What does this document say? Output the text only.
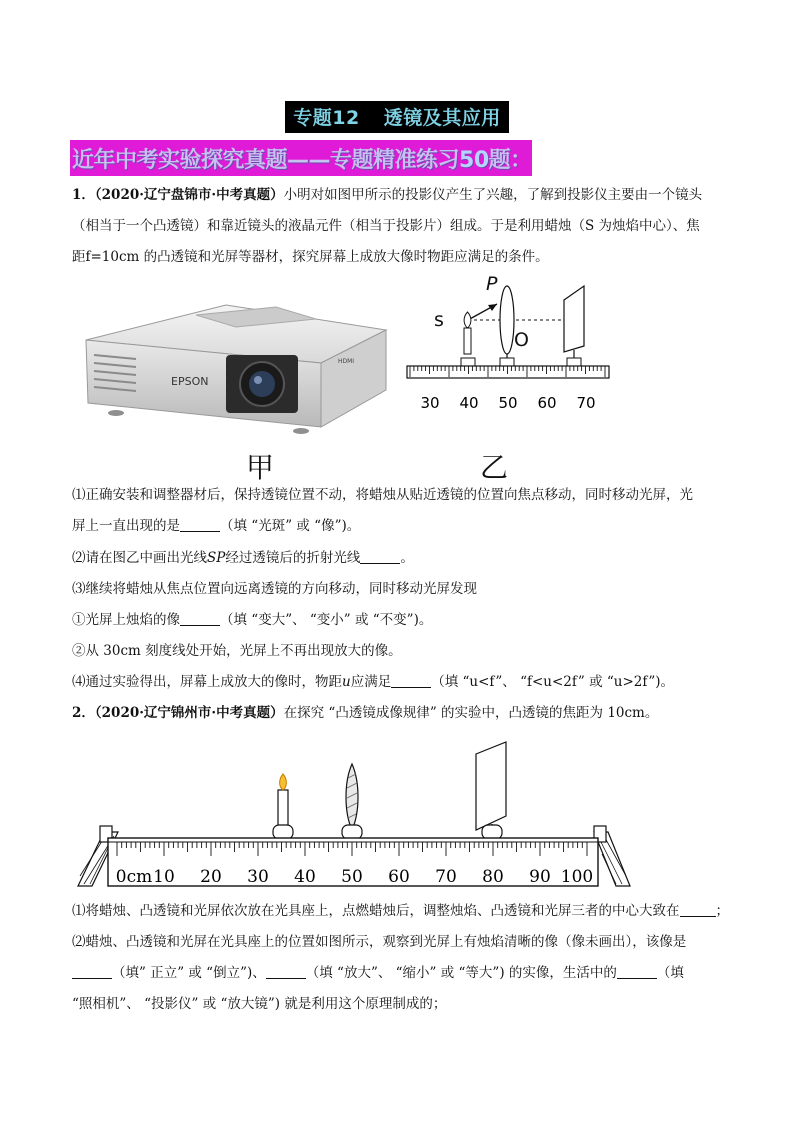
专题12 透镜及其应用
近年中考实验探究真题——专题精准练习50题：
1．（2020·辽宁盘锦市·中考真题）小明对如图甲所示的投影仪产生了兴趣，了解到投影仪主要由一个镜头
（相当于一个凸透镜）和靠近镜头的液晶元件（相当于投影片）组成。于是利用蜡烛（S 为烛焰中心）、焦
距f=10cm 的凸透镜和光屏等器材，探究屏幕上成放大像时物距应满足的条件。
EPSON
HDMI
P
s
O
30 40 50 60 70
甲	乙
⑴正确安装和调整器材后，保持透镜位置不动，将蜡烛从贴近透镜的位置向焦点移动，同时移动光屏，光
屏上一直出现的是	（填 “光斑” 或 “像”)。
⑵请在图乙中画出光线SP经过透镜后的折射光线	。
⑶继续将蜡烛从焦点位置向远离透镜的方向移动，同时移动光屏发现
①光屏上烛焰的像	（填 “变大”、 “变小” 或 “不变”)。
②从 30cm 刻度线处开始，光屏上不再出现放大的像。
⑷通过实验得出，屏幕上成放大的像时，物距u应满足	（填 “u<f”、 “f<u<2f” 或 “u>2f”)。
2．（2020·辽宁锦州市·中考真题）在探究 “凸透镜成像规律” 的实验中，凸透镜的焦距为 10cm。
0cm 10 20 30 40 50 60 70 80 90 100
⑴将蜡烛、凸透镜和光屏依次放在光具座上，点燃蜡烛后，调整烛焰、凸透镜和光屏三者的中心大致在	；
⑵蜡烛、凸透镜和光屏在光具座上的位置如图所示，观察到光屏上有烛焰清晰的像（像未画出），该像是
（填” 正立” 或 “倒立”)、	（填 “放大”、 “缩小” 或 “等大”) 的实像，生活中的	（填
“照相机”、 “投影仪” 或 “放大镜”) 就是利用这个原理制成的；
